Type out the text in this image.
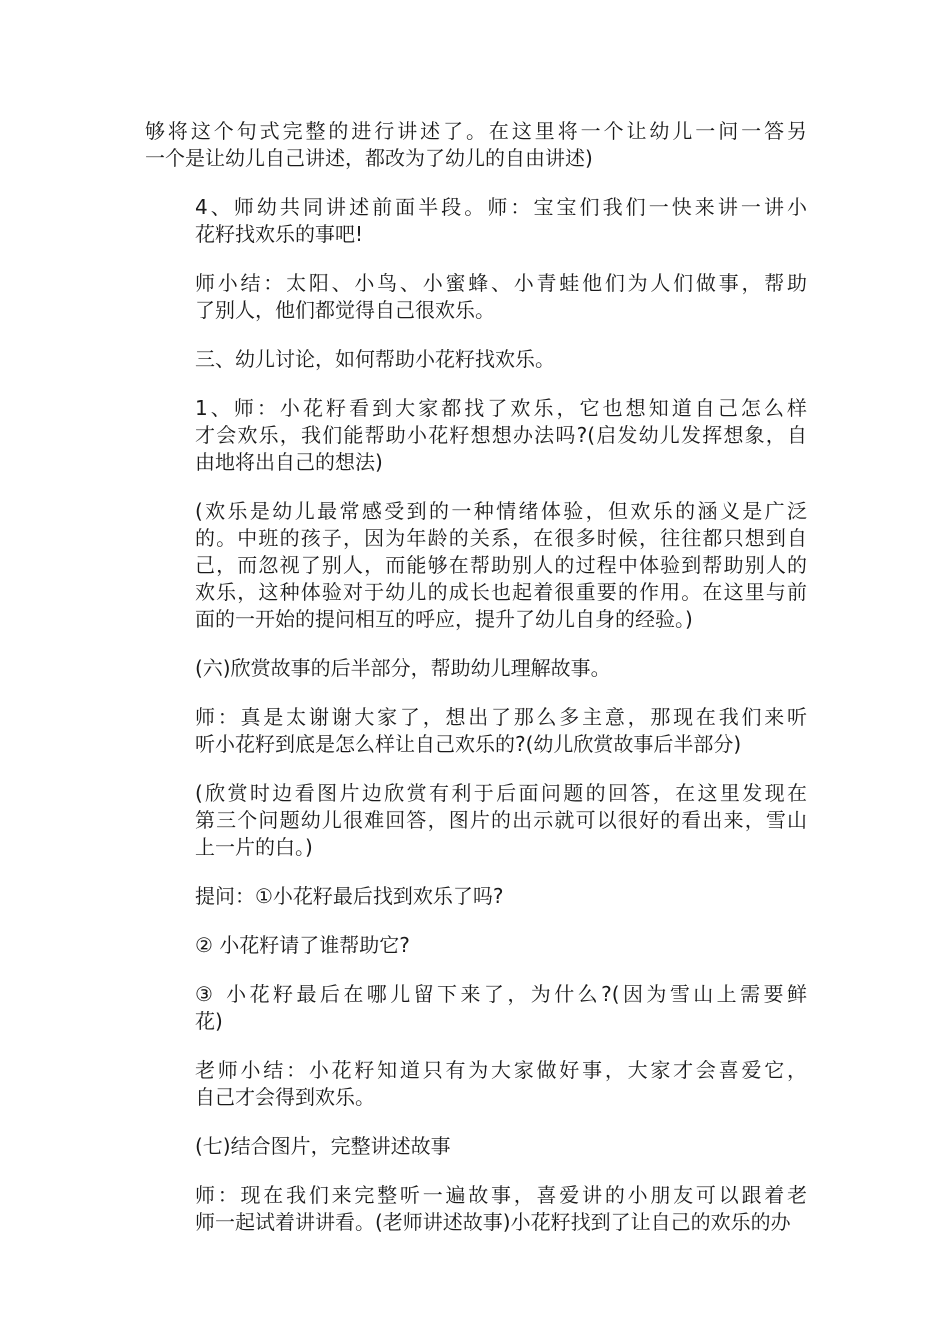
够将这个句式完整的进行讲述了。在这里将一个让幼儿一问一答另
一个是让幼儿自己讲述，都改为了幼儿的自由讲述)
4、师幼共同讲述前面半段。师：宝宝们我们一快来讲一讲小
花籽找欢乐的事吧!
师小结：太阳、小鸟、小蜜蜂、小青蛙他们为人们做事，帮助
了别人，他们都觉得自己很欢乐。
三、幼儿讨论，如何帮助小花籽找欢乐。
1、师：小花籽看到大家都找了欢乐，它也想知道自己怎么样
才会欢乐，我们能帮助小花籽想想办法吗?(启发幼儿发挥想象，自
由地将出自己的想法)
(欢乐是幼儿最常感受到的一种情绪体验，但欢乐的涵义是广泛
的。中班的孩子，因为年龄的关系，在很多时候，往往都只想到自
己，而忽视了别人，而能够在帮助别人的过程中体验到帮助别人的
欢乐，这种体验对于幼儿的成长也起着很重要的作用。在这里与前
面的一开始的提问相互的呼应，提升了幼儿自身的经验。)
(六)欣赏故事的后半部分，帮助幼儿理解故事。
师：真是太谢谢大家了，想出了那么多主意，那现在我们来听
听小花籽到底是怎么样让自己欢乐的?(幼儿欣赏故事后半部分)
(欣赏时边看图片边欣赏有利于后面问题的回答，在这里发现在
第三个问题幼儿很难回答，图片的出示就可以很好的看出来，雪山
上一片的白。)
提问：①小花籽最后找到欢乐了吗?
② 小花籽请了谁帮助它?
③ 小花籽最后在哪儿留下来了，为什么?(因为雪山上需要鲜
花)
老师小结：小花籽知道只有为大家做好事，大家才会喜爱它，
自己才会得到欢乐。
(七)结合图片，完整讲述故事
师：现在我们来完整听一遍故事，喜爱讲的小朋友可以跟着老
师一起试着讲讲看。(老师讲述故事)小花籽找到了让自己的欢乐的办
